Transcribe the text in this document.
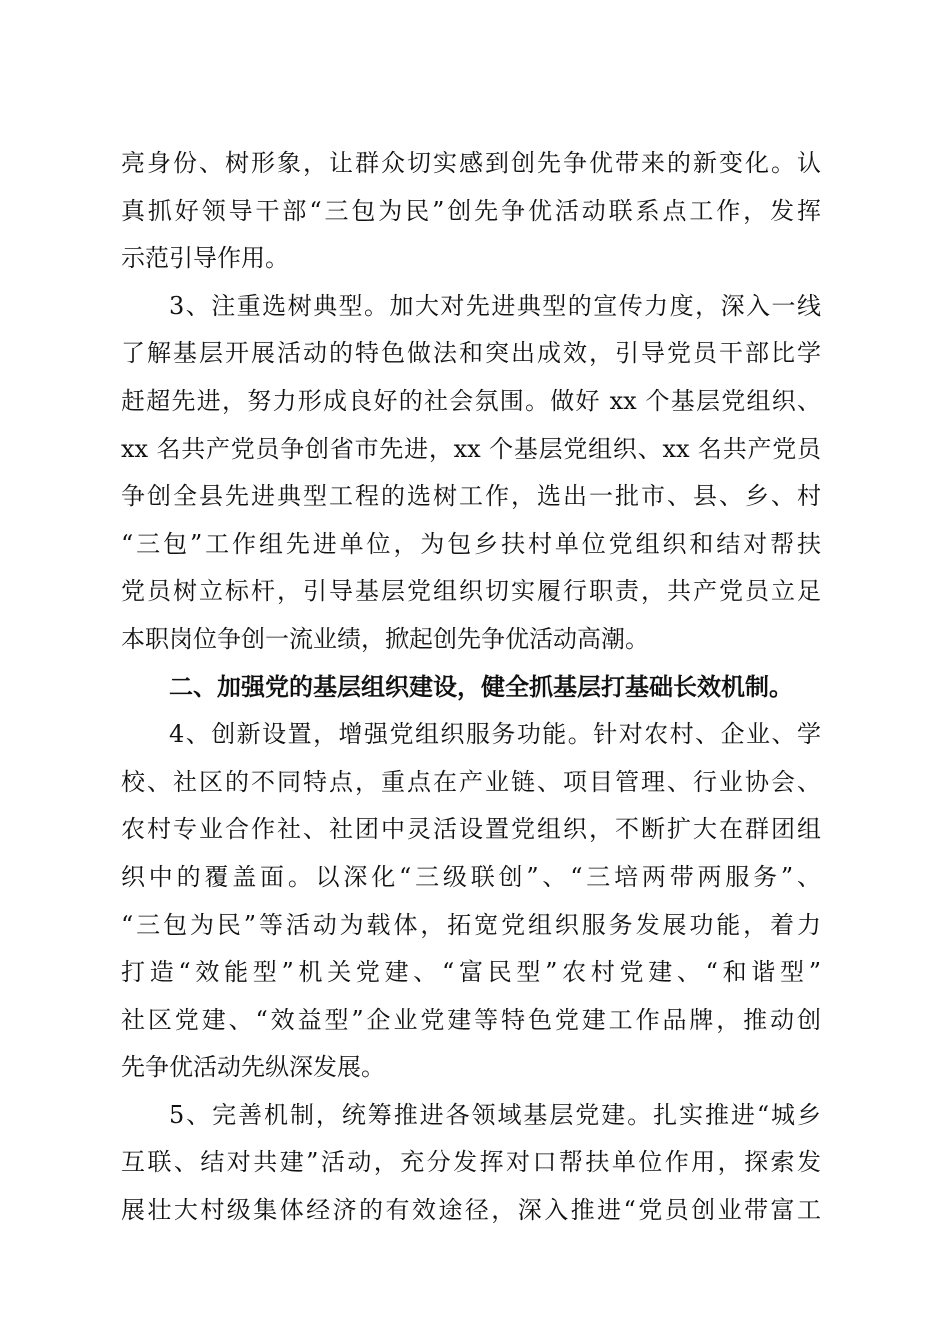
亮身份、树形象，让群众切实感到创先争优带来的新变化。认
真抓好领导干部“三包为民”创先争优活动联系点工作，发挥
示范引导作用。
3、注重选树典型。加大对先进典型的宣传力度，深入一线
了解基层开展活动的特色做法和突出成效，引导党员干部比学
赶超先进，努力形成良好的社会氛围。做好 xx 个基层党组织、
xx 名共产党员争创省市先进，xx 个基层党组织、xx 名共产党员
争创全县先进典型工程的选树工作，选出一批市、县、乡、村
“三包”工作组先进单位，为包乡扶村单位党组织和结对帮扶
党员树立标杆，引导基层党组织切实履行职责，共产党员立足
本职岗位争创一流业绩，掀起创先争优活动高潮。
二、加强党的基层组织建设，健全抓基层打基础长效机制。
4、创新设置，增强党组织服务功能。针对农村、企业、学
校、社区的不同特点，重点在产业链、项目管理、行业协会、
农村专业合作社、社团中灵活设置党组织，不断扩大在群团组
织中的覆盖面。以深化“三级联创”、“三培两带两服务”、
“三包为民”等活动为载体，拓宽党组织服务发展功能，着力
打造“效能型”机关党建、“富民型”农村党建、“和谐型”
社区党建、“效益型”企业党建等特色党建工作品牌，推动创
先争优活动先纵深发展。
5、完善机制，统筹推进各领域基层党建。扎实推进“城乡
互联、结对共建”活动，充分发挥对口帮扶单位作用，探索发
展壮大村级集体经济的有效途径，深入推进“党员创业带富工
